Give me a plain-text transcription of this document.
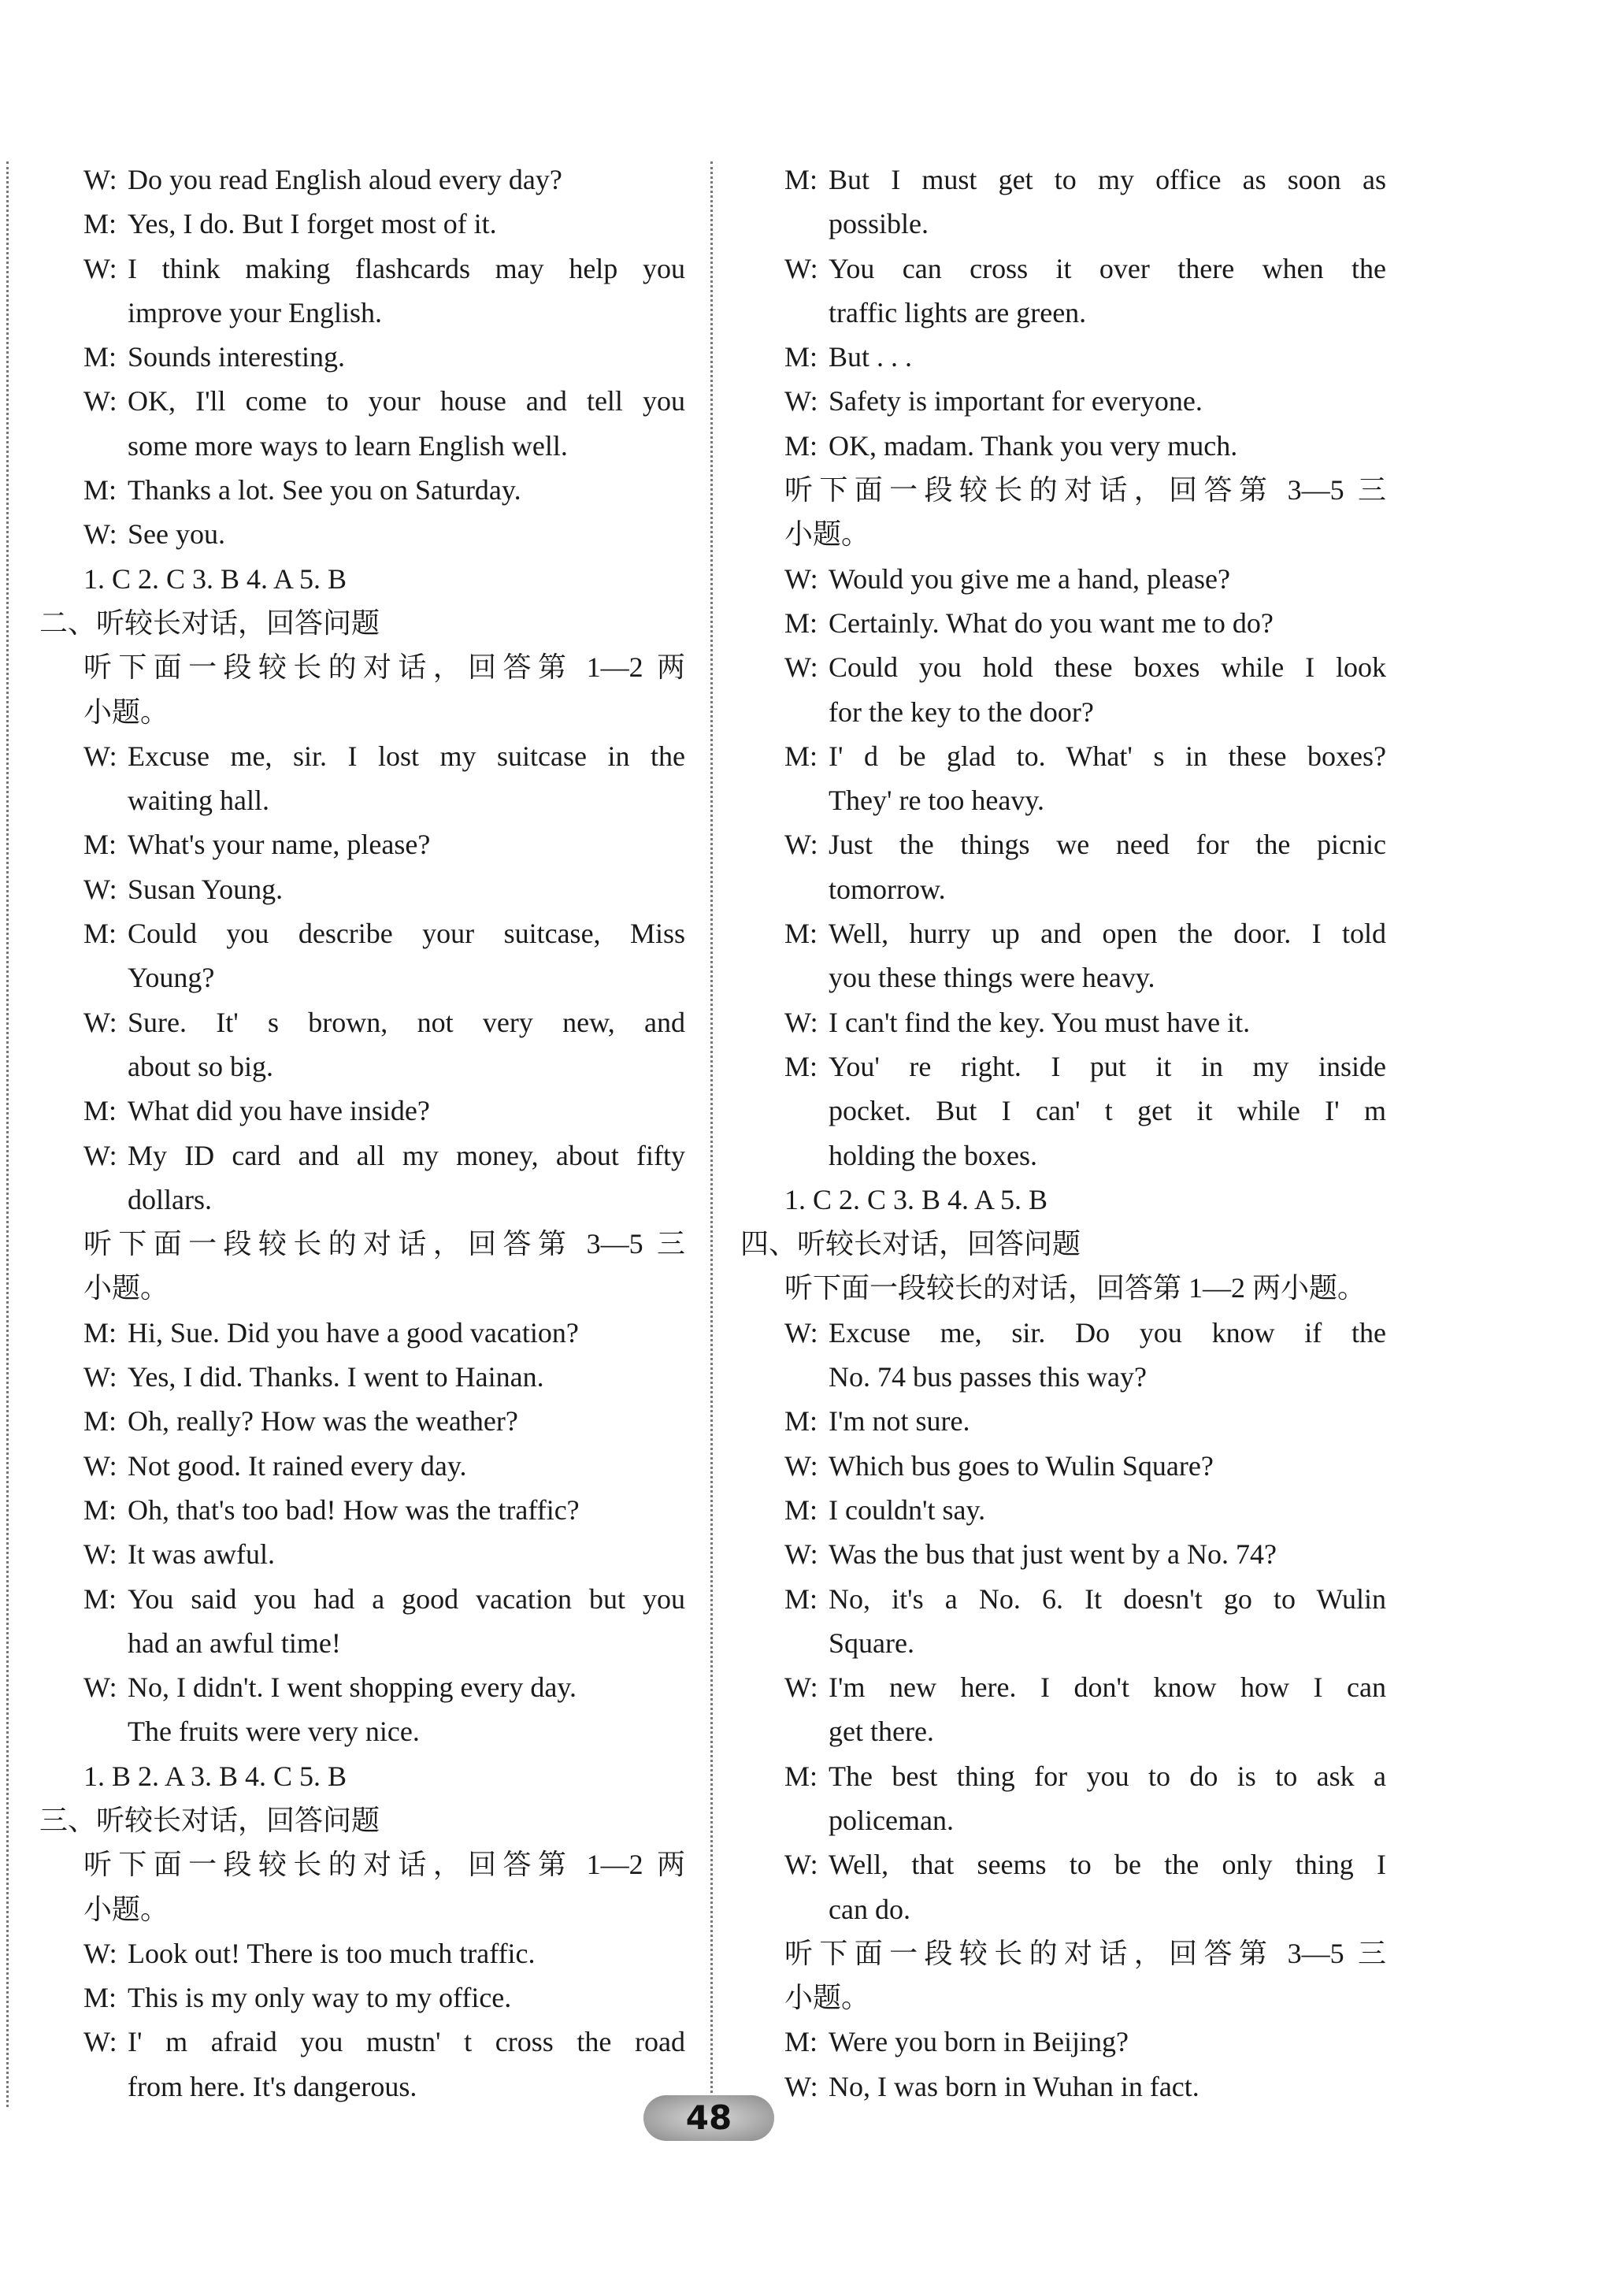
W: Do you read English aloud every day?
M: Yes, I do. But I forget most of it.
W: I think making flashcards may help you
improve your English.
M: Sounds interesting.
W: OK, I'll come to your house and tell you
some more ways to learn English well.
M: Thanks a lot. See you on Saturday.
W: See you.
1. C 2. C 3. B 4. A 5. B
二、听较长对话，回答问题
听下面一段较长的对话，回答第 1—2 两
小题。
W: Excuse me, sir. I lost my suitcase in the
waiting hall.
M: What's your name, please?
W: Susan Young.
M: Could you describe your suitcase, Miss
Young?
W: Sure. It' s brown, not very new, and
about so big.
M: What did you have inside?
W: My ID card and all my money, about fifty
dollars.
听下面一段较长的对话，回答第 3—5 三
小题。
M: Hi, Sue. Did you have a good vacation?
W: Yes, I did. Thanks. I went to Hainan.
M: Oh, really? How was the weather?
W: Not good. It rained every day.
M: Oh, that's too bad! How was the traffic?
W: It was awful.
M: You said you had a good vacation but you
had an awful time!
W: No, I didn't. I went shopping every day.
The fruits were very nice.
1. B 2. A 3. B 4. C 5. B
三、听较长对话，回答问题
听下面一段较长的对话，回答第 1—2 两
小题。
W: Look out! There is too much traffic.
M: This is my only way to my office.
W: I' m afraid you mustn' t cross the road
from here. It's dangerous.
M: But I must get to my office as soon as
possible.
W: You can cross it over there when the
traffic lights are green.
M: But . . .
W: Safety is important for everyone.
M: OK, madam. Thank you very much.
听下面一段较长的对话，回答第 3—5 三
小题。
W: Would you give me a hand, please?
M: Certainly. What do you want me to do?
W: Could you hold these boxes while I look
for the key to the door?
M: I' d be glad to. What' s in these boxes?
They' re too heavy.
W: Just the things we need for the picnic
tomorrow.
M: Well, hurry up and open the door. I told
you these things were heavy.
W: I can't find the key. You must have it.
M: You' re right. I put it in my inside
pocket. But I can' t get it while I' m
holding the boxes.
1. C 2. C 3. B 4. A 5. B
四、听较长对话，回答问题
听下面一段较长的对话，回答第 1—2 两小题。
W: Excuse me, sir. Do you know if the
No. 74 bus passes this way?
M: I'm not sure.
W: Which bus goes to Wulin Square?
M: I couldn't say.
W: Was the bus that just went by a No. 74?
M: No, it's a No. 6. It doesn't go to Wulin
Square.
W: I'm new here. I don't know how I can
get there.
M: The best thing for you to do is to ask a
policeman.
W: Well, that seems to be the only thing I
can do.
听下面一段较长的对话，回答第 3—5 三
小题。
M: Were you born in Beijing?
W: No, I was born in Wuhan in fact.
48
